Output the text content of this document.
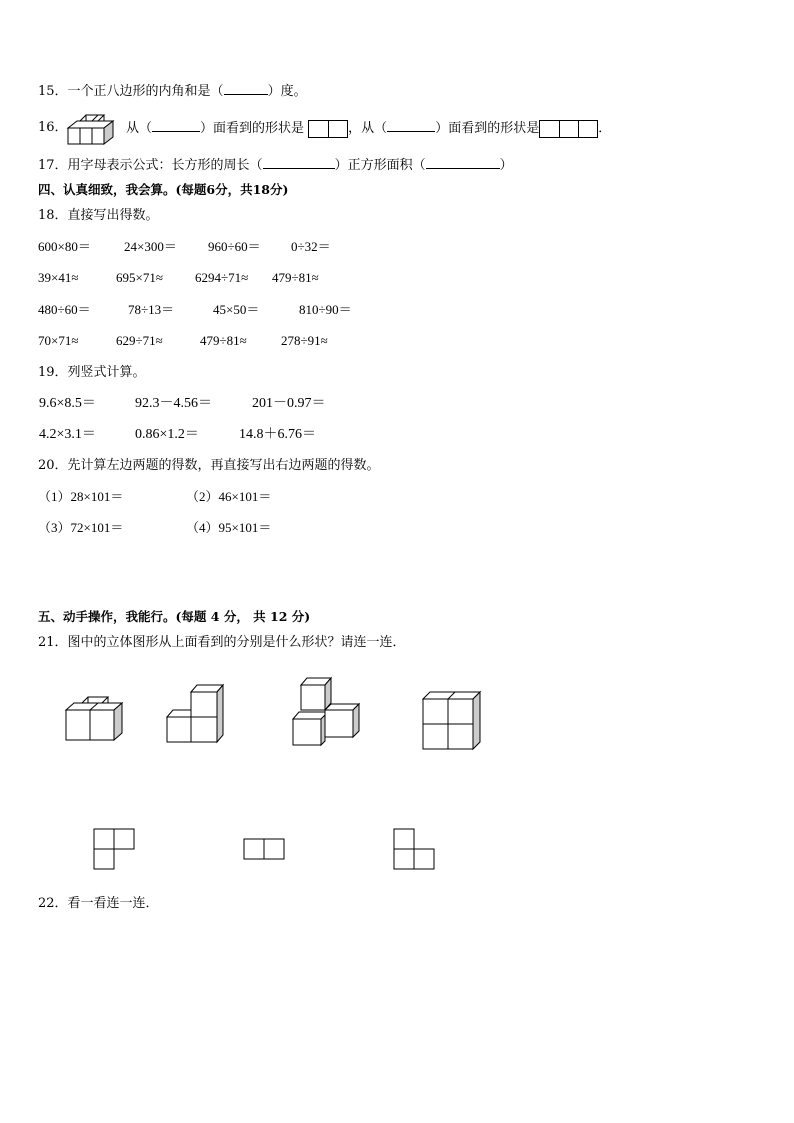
15．一个正八边形的内角和是（	）度。
16．	从（	）面看到的形状是	，从（	）面看到的形状是	．
17．用字母表示公式：长方形的周长（	）正方形面积（	）
四、认真细致，我会算。(每题6分，共18分)
18．直接写出得数。
600×80＝	24×300＝ 960÷60＝ 0÷32＝
39×41≈	695×71≈ 6294÷71≈ 479÷81≈
480÷60＝	78÷13＝	45×50＝	810÷90＝
70×71≈	629÷71≈	479÷81≈	278÷91≈
19．列竖式计算。
9.6×8.5＝	92.3－4.56＝	201－0.97＝
4.2×3.1＝	0.86×1.2＝	14.8＋6.76＝
20．先计算左边两题的得数，再直接写出右边两题的得数。
（1）28×101＝	（2）46×101＝
（3）72×101＝	（4）95×101＝
五、动手操作，我能行。(每题 4 分， 共 12 分)
21．图中的立体图形从上面看到的分别是什么形状？请连一连．
22．看一看连一连．
